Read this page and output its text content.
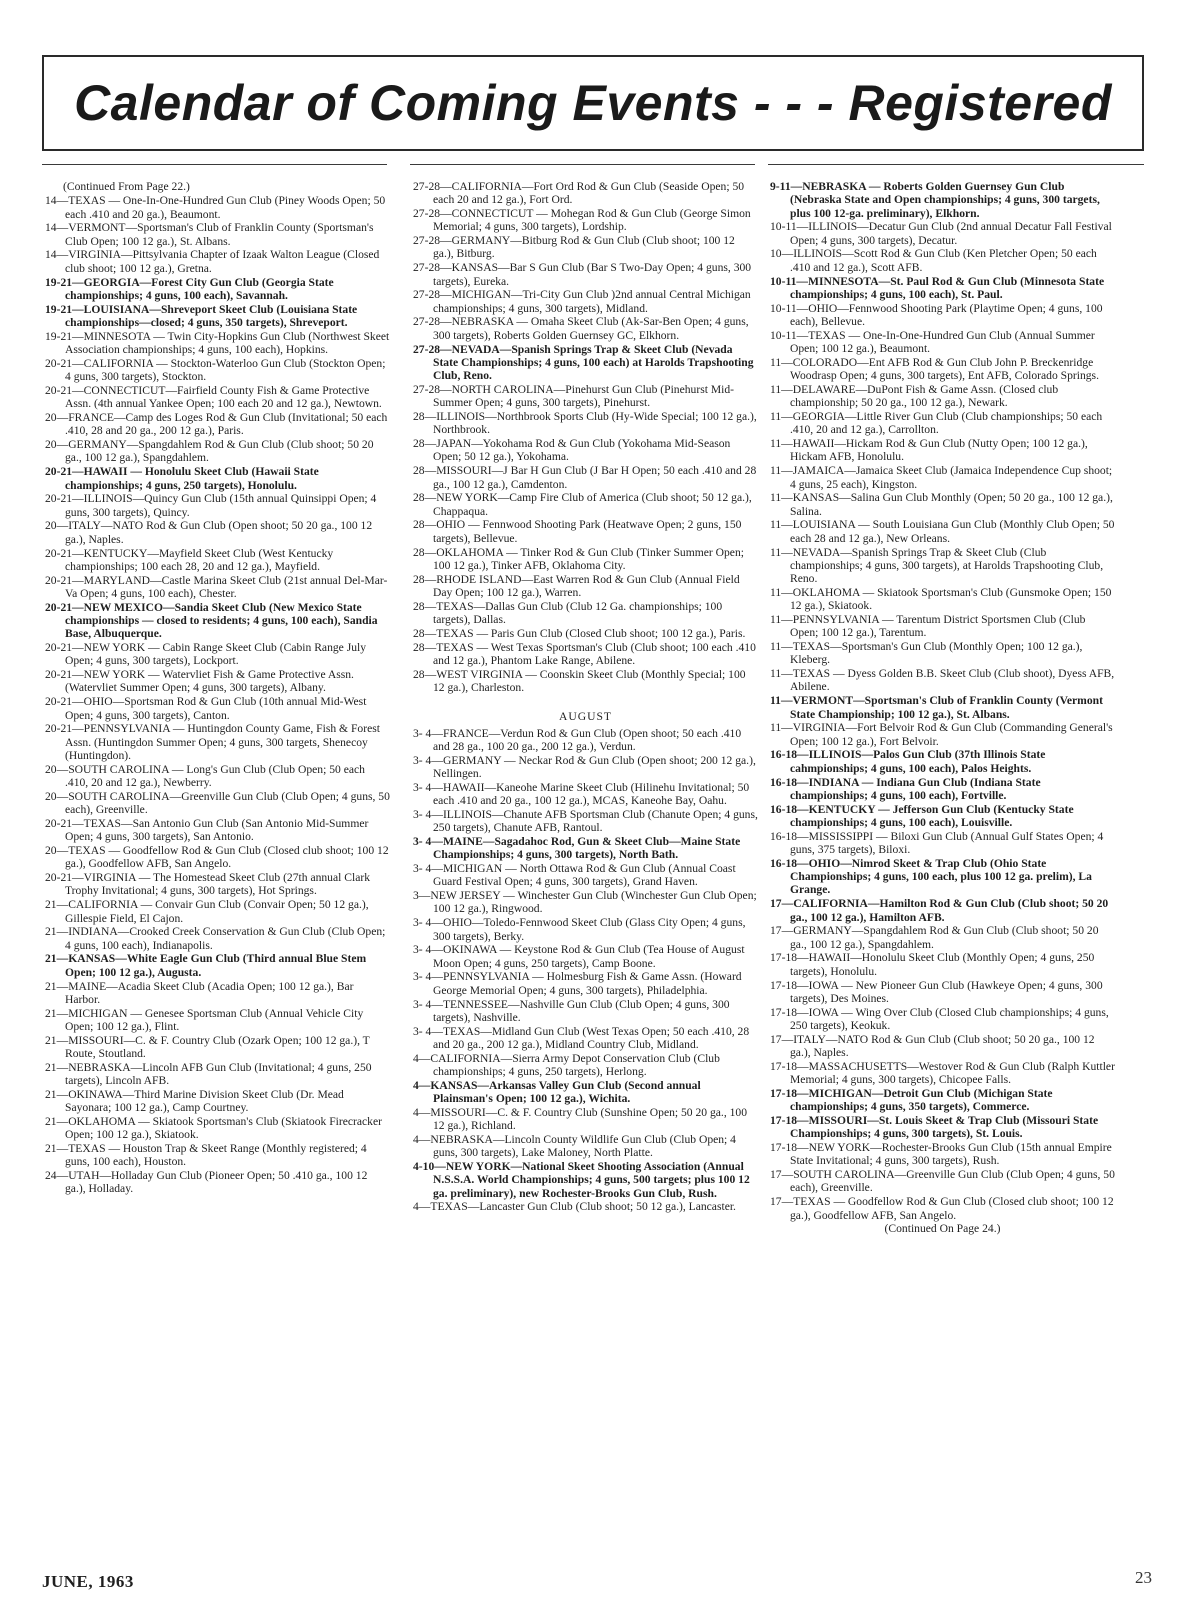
Calendar of Coming Events - - - Registered

(Continued From Page 22.)

14—TEXAS — One-In-One-Hundred Gun Club (Piney Woods Open; 50 each .410 and 20 ga.), Beaumont.

14—VERMONT—Sportsman's Club of Franklin County (Sportsman's Club Open; 100 12 ga.), St. Albans.

14—VIRGINIA—Pittsylvania Chapter of Izaak Walton League (Closed club shoot; 100 12 ga.), Gretna.

19-21—GEORGIA—Forest City Gun Club (Georgia State championships; 4 guns, 100 each), Savannah.

19-21—LOUISIANA—Shreveport Skeet Club (Louisiana State championships—closed; 4 guns, 350 targets), Shreveport.

19-21—MINNESOTA — Twin City-Hopkins Gun Club (Northwest Skeet Association championships; 4 guns, 100 each), Hopkins.

20-21—CALIFORNIA — Stockton-Waterloo Gun Club (Stockton Open; 4 guns, 300 targets), Stockton.

20-21—CONNECTICUT—Fairfield County Fish & Game Protective Assn. (4th annual Yankee Open; 100 each 20 and 12 ga.), Newtown.

20—FRANCE—Camp des Loges Rod & Gun Club (Invitational; 50 each .410, 28 and 20 ga., 200 12 ga.), Paris.

20—GERMANY—Spangdahlem Rod & Gun Club (Club shoot; 50 20 ga., 100 12 ga.), Spangdahlem.

20-21—HAWAII — Honolulu Skeet Club (Hawaii State championships; 4 guns, 250 targets), Honolulu.

20-21—ILLINOIS—Quincy Gun Club (15th annual Quinsippi Open; 4 guns, 300 targets), Quincy.

20—ITALY—NATO Rod & Gun Club (Open shoot; 50 20 ga., 100 12 ga.), Naples.

20-21—KENTUCKY—Mayfield Skeet Club (West Kentucky championships; 100 each 28, 20 and 12 ga.), Mayfield.

20-21—MARYLAND—Castle Marina Skeet Club (21st annual Del-Mar-Va Open; 4 guns, 100 each), Chester.

20-21—NEW MEXICO—Sandia Skeet Club (New Mexico State championships — closed to residents; 4 guns, 100 each), Sandia Base, Albuquerque.

20-21—NEW YORK — Cabin Range Skeet Club (Cabin Range July Open; 4 guns, 300 targets), Lockport.

20-21—NEW YORK — Watervliet Fish & Game Protective Assn. (Watervliet Summer Open; 4 guns, 300 targets), Albany.

20-21—OHIO—Sportsman Rod & Gun Club (10th annual Mid-West Open; 4 guns, 300 targets), Canton.

20-21—PENNSYLVANIA — Huntingdon County Game, Fish & Forest Assn. (Huntingdon Summer Open; 4 guns, 300 targets, Shenecoy (Huntingdon).

20—SOUTH CAROLINA — Long's Gun Club (Club Open; 50 each .410, 20 and 12 ga.), Newberry.

20—SOUTH CAROLINA—Greenville Gun Club (Club Open; 4 guns, 50 each), Greenville.

20-21—TEXAS—San Antonio Gun Club (San Antonio Mid-Summer Open; 4 guns, 300 targets), San Antonio.

20—TEXAS — Goodfellow Rod & Gun Club (Closed club shoot; 100 12 ga.), Goodfellow AFB, San Angelo.

20-21—VIRGINIA — The Homestead Skeet Club (27th annual Clark Trophy Invitational; 4 guns, 300 targets), Hot Springs.

21—CALIFORNIA — Convair Gun Club (Convair Open; 50 12 ga.), Gillespie Field, El Cajon.

21—INDIANA—Crooked Creek Conservation & Gun Club (Club Open; 4 guns, 100 each), Indianapolis.

21—KANSAS—White Eagle Gun Club (Third annual Blue Stem Open; 100 12 ga.), Augusta.

21—MAINE—Acadia Skeet Club (Acadia Open; 100 12 ga.), Bar Harbor.

21—MICHIGAN — Genesee Sportsman Club (Annual Vehicle City Open; 100 12 ga.), Flint.

21—MISSOURI—C. & F. Country Club (Ozark Open; 100 12 ga.), T Route, Stoutland.

21—NEBRASKA—Lincoln AFB Gun Club (Invitational; 4 guns, 250 targets), Lincoln AFB.

21—OKINAWA—Third Marine Division Skeet Club (Dr. Mead Sayonara; 100 12 ga.), Camp Courtney.

21—OKLAHOMA — Skiatook Sportsman's Club (Skiatook Firecracker Open; 100 12 ga.), Skiatook.

21—TEXAS — Houston Trap & Skeet Range (Monthly registered; 4 guns, 100 each), Houston.

24—UTAH—Holladay Gun Club (Pioneer Open; 50 .410 ga., 100 12 ga.), Holladay.

27-28—CALIFORNIA—Fort Ord Rod & Gun Club (Seaside Open; 50 each 20 and 12 ga.), Fort Ord.

27-28—CONNECTICUT — Mohegan Rod & Gun Club (George Simon Memorial; 4 guns, 300 targets), Lordship.

27-28—GERMANY—Bitburg Rod & Gun Club (Club shoot; 100 12 ga.), Bitburg.

27-28—KANSAS—Bar S Gun Club (Bar S Two-Day Open; 4 guns, 300 targets), Eureka.

27-28—MICHIGAN—Tri-City Gun Club )2nd annual Central Michigan championships; 4 guns, 300 targets), Midland.

27-28—NEBRASKA — Omaha Skeet Club (Ak-Sar-Ben Open; 4 guns, 300 targets), Roberts Golden Guernsey GC, Elkhorn.

27-28—NEVADA—Spanish Springs Trap & Skeet Club (Nevada State Championships; 4 guns, 100 each) at Harolds Trapshooting Club, Reno.

27-28—NORTH CAROLINA—Pinehurst Gun Club (Pinehurst Mid-Summer Open; 4 guns, 300 targets), Pinehurst.

28—ILLINOIS—Northbrook Sports Club (Hy-Wide Special; 100 12 ga.), Northbrook.

28—JAPAN—Yokohama Rod & Gun Club (Yokohama Mid-Season Open; 50 12 ga.), Yokohama.

28—MISSOURI—J Bar H Gun Club (J Bar H Open; 50 each .410 and 28 ga., 100 12 ga.), Camdenton.

28—NEW YORK—Camp Fire Club of America (Club shoot; 50 12 ga.), Chappaqua.

28—OHIO — Fennwood Shooting Park (Heatwave Open; 2 guns, 150 targets), Bellevue.

28—OKLAHOMA — Tinker Rod & Gun Club (Tinker Summer Open; 100 12 ga.), Tinker AFB, Oklahoma City.

28—RHODE ISLAND—East Warren Rod & Gun Club (Annual Field Day Open; 100 12 ga.), Warren.

28—TEXAS—Dallas Gun Club (Club 12 Ga. championships; 100 targets), Dallas.

28—TEXAS — Paris Gun Club (Closed Club shoot; 100 12 ga.), Paris.

28—TEXAS — West Texas Sportsman's Club (Club shoot; 100 each .410 and 12 ga.), Phantom Lake Range, Abilene.

28—WEST VIRGINIA — Coonskin Skeet Club (Monthly Special; 100 12 ga.), Charleston.

AUGUST

3- 4—FRANCE—Verdun Rod & Gun Club (Open shoot; 50 each .410 and 28 ga., 100 20 ga., 200 12 ga.), Verdun.

3- 4—GERMANY — Neckar Rod & Gun Club (Open shoot; 200 12 ga.), Nellingen.

3- 4—HAWAII—Kaneohe Marine Skeet Club (Hilinehu Invitational; 50 each .410 and 20 ga., 100 12 ga.), MCAS, Kaneohe Bay, Oahu.

3- 4—ILLINOIS—Chanute AFB Sportsman Club (Chanute Open; 4 guns, 250 targets), Chanute AFB, Rantoul.

3- 4—MAINE—Sagadahoc Rod, Gun & Skeet Club—Maine State Championships; 4 guns, 300 targets), North Bath.

3- 4—MICHIGAN — North Ottawa Rod & Gun Club (Annual Coast Guard Festival Open; 4 guns, 300 targets), Grand Haven.

3—NEW JERSEY — Winchester Gun Club (Winchester Gun Club Open; 100 12 ga.), Ringwood.

3- 4—OHIO—Toledo-Fennwood Skeet Club (Glass City Open; 4 guns, 300 targets), Berky.

3- 4—OKINAWA — Keystone Rod & Gun Club (Tea House of August Moon Open; 4 guns, 250 targets), Camp Boone.

3- 4—PENNSYLVANIA — Holmesburg Fish & Game Assn. (Howard George Memorial Open; 4 guns, 300 targets), Philadelphia.

3- 4—TENNESSEE—Nashville Gun Club (Club Open; 4 guns, 300 targets), Nashville.

3- 4—TEXAS—Midland Gun Club (West Texas Open; 50 each .410, 28 and 20 ga., 200 12 ga.), Midland Country Club, Midland.

4—CALIFORNIA—Sierra Army Depot Conservation Club (Club championships; 4 guns, 250 targets), Herlong.

4—KANSAS—Arkansas Valley Gun Club (Second annual Plainsman's Open; 100 12 ga.), Wichita.

4—MISSOURI—C. & F. Country Club (Sunshine Open; 50 20 ga., 100 12 ga.), Richland.

4—NEBRASKA—Lincoln County Wildlife Gun Club (Club Open; 4 guns, 300 targets), Lake Maloney, North Platte.

4-10—NEW YORK—National Skeet Shooting Association (Annual N.S.S.A. World Championships; 4 guns, 500 targets; plus 100 12 ga. preliminary), new Rochester-Brooks Gun Club, Rush.

4—TEXAS—Lancaster Gun Club (Club shoot; 50 12 ga.), Lancaster.

9-11—NEBRASKA — Roberts Golden Guernsey Gun Club (Nebraska State and Open championships; 4 guns, 300 targets, plus 100 12-ga. preliminary), Elkhorn.

10-11—ILLINOIS—Decatur Gun Club (2nd annual Decatur Fall Festival Open; 4 guns, 300 targets), Decatur.

10—ILLINOIS—Scott Rod & Gun Club (Ken Pletcher Open; 50 each .410 and 12 ga.), Scott AFB.

10-11—MINNESOTA—St. Paul Rod & Gun Club (Minnesota State championships; 4 guns, 100 each), St. Paul.

10-11—OHIO—Fennwood Shooting Park (Playtime Open; 4 guns, 100 each), Bellevue.

10-11—TEXAS — One-In-One-Hundred Gun Club (Annual Summer Open; 100 12 ga.), Beaumont.

11—COLORADO—Ent AFB Rod & Gun Club John P. Breckenridge Woodrasp Open; 4 guns, 300 targets), Ent AFB, Colorado Springs.

11—DELAWARE—DuPont Fish & Game Assn. (Closed club championship; 50 20 ga., 100 12 ga.), Newark.

11—GEORGIA—Little River Gun Club (Club championships; 50 each .410, 20 and 12 ga.), Carrollton.

11—HAWAII—Hickam Rod & Gun Club (Nutty Open; 100 12 ga.), Hickam AFB, Honolulu.

11—JAMAICA—Jamaica Skeet Club (Jamaica Independence Cup shoot; 4 guns, 25 each), Kingston.

11—KANSAS—Salina Gun Club Monthly (Open; 50 20 ga., 100 12 ga.), Salina.

11—LOUISIANA — South Louisiana Gun Club (Monthly Club Open; 50 each 28 and 12 ga.), New Orleans.

11—NEVADA—Spanish Springs Trap & Skeet Club (Club championships; 4 guns, 300 targets), at Harolds Trapshooting Club, Reno.

11—OKLAHOMA — Skiatook Sportsman's Club (Gunsmoke Open; 150 12 ga.), Skiatook.

11—PENNSYLVANIA — Tarentum District Sportsmen Club (Club Open; 100 12 ga.), Tarentum.

11—TEXAS—Sportsman's Gun Club (Monthly Open; 100 12 ga.), Kleberg.

11—TEXAS — Dyess Golden B.B. Skeet Club (Club shoot), Dyess AFB, Abilene.

11—VERMONT—Sportsman's Club of Franklin County (Vermont State Championship; 100 12 ga.), St. Albans.

11—VIRGINIA—Fort Belvoir Rod & Gun Club (Commanding General's Open; 100 12 ga.), Fort Belvoir.

16-18—ILLINOIS—Palos Gun Club (37th Illinois State cahmpionships; 4 guns, 100 each), Palos Heights.

16-18—INDIANA — Indiana Gun Club (Indiana State championships; 4 guns, 100 each), Fortville.

16-18—KENTUCKY — Jefferson Gun Club (Kentucky State championships; 4 guns, 100 each), Louisville.

16-18—MISSISSIPPI — Biloxi Gun Club (Annual Gulf States Open; 4 guns, 375 targets), Biloxi.

16-18—OHIO—Nimrod Skeet & Trap Club (Ohio State Championships; 4 guns, 100 each, plus 100 12 ga. prelim), La Grange.

17—CALIFORNIA—Hamilton Rod & Gun Club (Club shoot; 50 20 ga., 100 12 ga.), Hamilton AFB.

17—GERMANY—Spangdahlem Rod & Gun Club (Club shoot; 50 20 ga., 100 12 ga.), Spangdahlem.

17-18—HAWAII—Honolulu Skeet Club (Monthly Open; 4 guns, 250 targets), Honolulu.

17-18—IOWA — New Pioneer Gun Club (Hawkeye Open; 4 guns, 300 targets), Des Moines.

17-18—IOWA — Wing Over Club (Closed Club championships; 4 guns, 250 targets), Keokuk.

17—ITALY—NATO Rod & Gun Club (Club shoot; 50 20 ga., 100 12 ga.), Naples.

17-18—MASSACHUSETTS—Westover Rod & Gun Club (Ralph Kuttler Memorial; 4 guns, 300 targets), Chicopee Falls.

17-18—MICHIGAN—Detroit Gun Club (Michigan State championships; 4 guns, 350 targets), Commerce.

17-18—MISSOURI—St. Louis Skeet & Trap Club (Missouri State Championships; 4 guns, 300 targets), St. Louis.

17-18—NEW YORK—Rochester-Brooks Gun Club (15th annual Empire State Invitational; 4 guns, 300 targets), Rush.

17—SOUTH CAROLINA—Greenville Gun Club (Club Open; 4 guns, 50 each), Greenville.

17—TEXAS — Goodfellow Rod & Gun Club (Closed club shoot; 100 12 ga.), Goodfellow AFB, San Angelo.

(Continued On Page 24.)

JUNE, 1963	23
